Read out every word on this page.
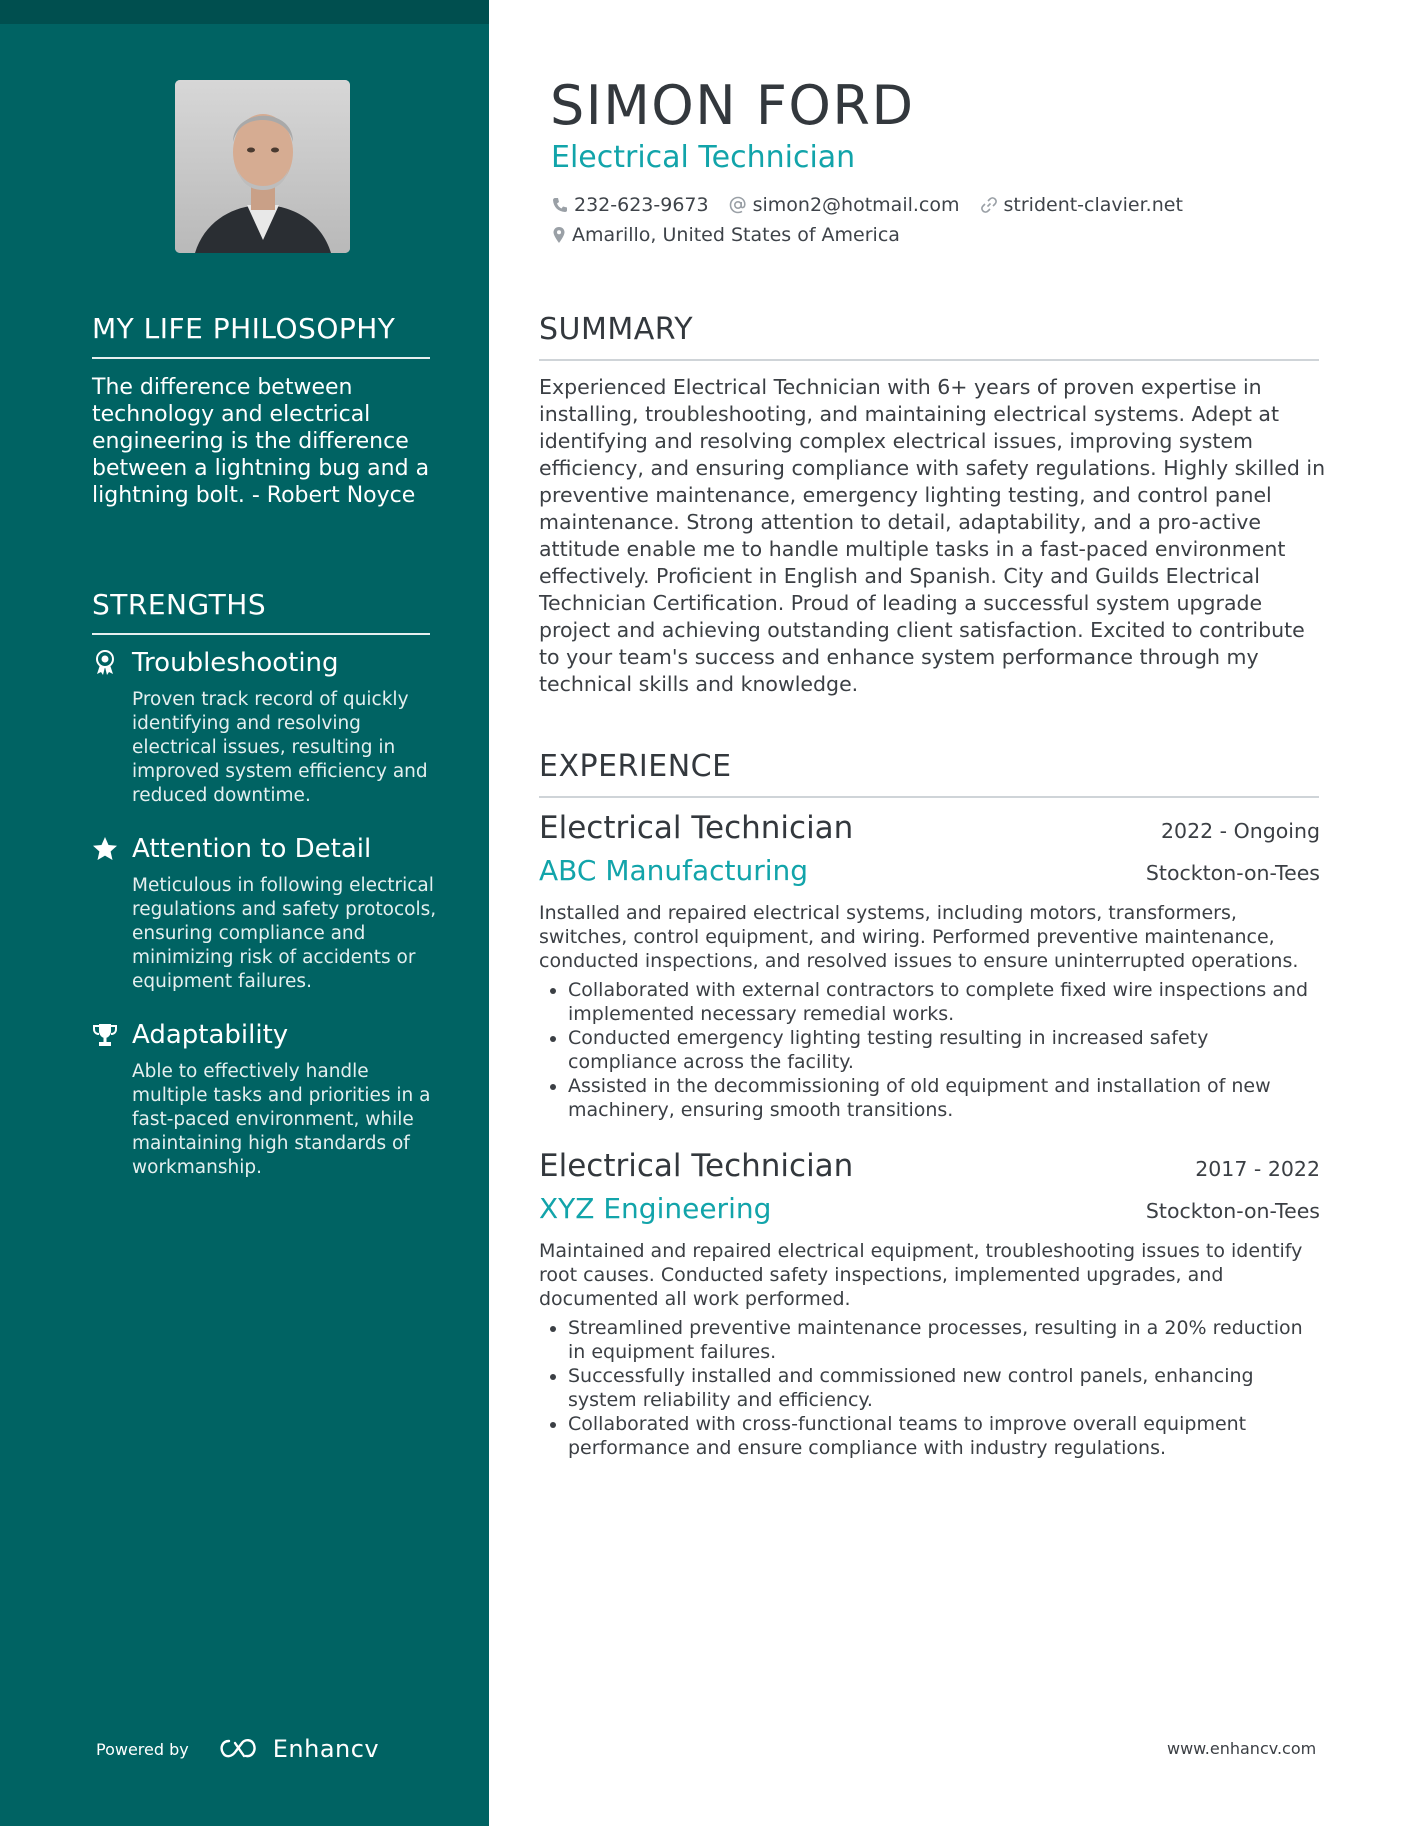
MY LIFE PHILOSOPHY

The difference between technology and electrical engineering is the difference between a lightning bug and a lightning bolt. - Robert Noyce

STRENGTHS
Troubleshooting

Proven track record of quickly identifying and resolving electrical issues, resulting in improved system efficiency and reduced downtime.

Attention to Detail

Meticulous in following electrical regulations and safety protocols, ensuring compliance and minimizing risk of accidents or equipment failures.

Adaptability

Able to effectively handle multiple tasks and priorities in a fast-paced environment, while maintaining high standards of workmanship.

Powered by	Enhancv
SIMON FORD
Electrical Technician
232-623-9673 simon2@hotmail.com strident-clavier.net
Amarillo, United States of America
SUMMARY

Experienced Electrical Technician with 6+ years of proven expertise in installing, troubleshooting, and maintaining electrical systems. Adept at identifying and resolving complex electrical issues, improving system efficiency, and ensuring compliance with safety regulations. Highly skilled in preventive maintenance, emergency lighting testing, and control panel maintenance. Strong attention to detail, adaptability, and a pro-active attitude enable me to handle multiple tasks in a fast-paced environment effectively. Proficient in English and Spanish. City and Guilds Electrical Technician Certification. Proud of leading a successful system upgrade project and achieving outstanding client satisfaction. Excited to contribute to your team's success and enhance system performance through my technical skills and knowledge.

EXPERIENCE
Electrical Technician	2022 - Ongoing
ABC Manufacturing	Stockton-on-Tees

Installed and repaired electrical systems, including motors, transformers, switches, control equipment, and wiring. Performed preventive maintenance, conducted inspections, and resolved issues to ensure uninterrupted operations.

• Collaborated with external contractors to complete fixed wire inspections and implemented necessary remedial works.
• Conducted emergency lighting testing resulting in increased safety compliance across the facility.
• Assisted in the decommissioning of old equipment and installation of new machinery, ensuring smooth transitions.
Electrical Technician	2017 - 2022
XYZ Engineering	Stockton-on-Tees

Maintained and repaired electrical equipment, troubleshooting issues to identify root causes. Conducted safety inspections, implemented upgrades, and documented all work performed.

• Streamlined preventive maintenance processes, resulting in a 20% reduction in equipment failures.
• Successfully installed and commissioned new control panels, enhancing system reliability and efficiency.
• Collaborated with cross-functional teams to improve overall equipment performance and ensure compliance with industry regulations.
www.enhancv.com
